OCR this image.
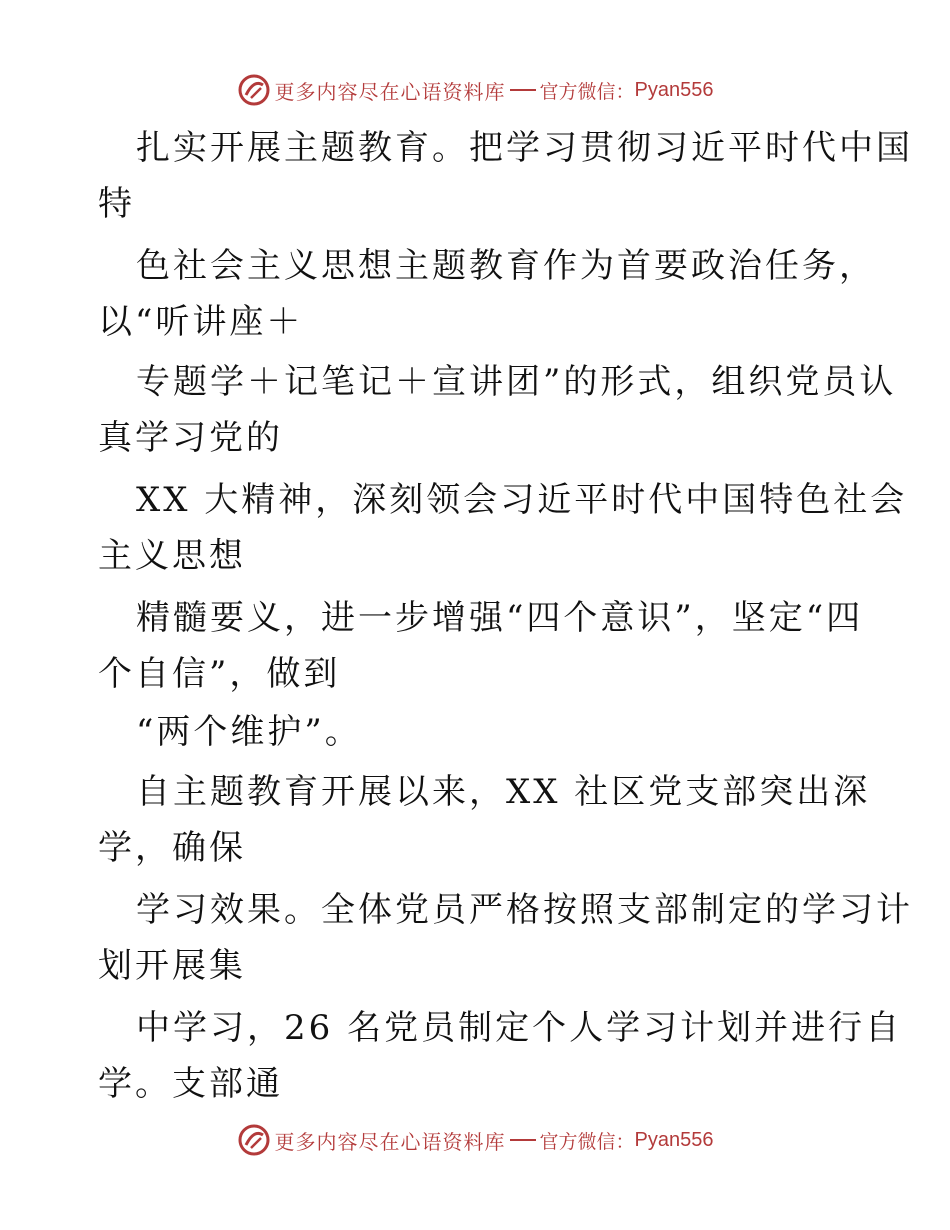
更多内容尽在心语资料库 官方微信： Pyan556
扎实开展主题教育。把学习贯彻习近平时代中国
特
色社会主义思想主题教育作为首要政治任务，
以“听讲座＋
专题学＋记笔记＋宣讲团”的形式，组织党员认
真学习党的
XX 大精神，深刻领会习近平时代中国特色社会
主义思想
精髓要义，进一步增强“四个意识”，坚定“四
个自信”，做到
“两个维护”。
自主题教育开展以来，XX 社区党支部突出深
学，确保
学习效果。全体党员严格按照支部制定的学习计
划开展集
中学习，26 名党员制定个人学习计划并进行自
学。支部通
更多内容尽在心语资料库 官方微信： Pyan556
